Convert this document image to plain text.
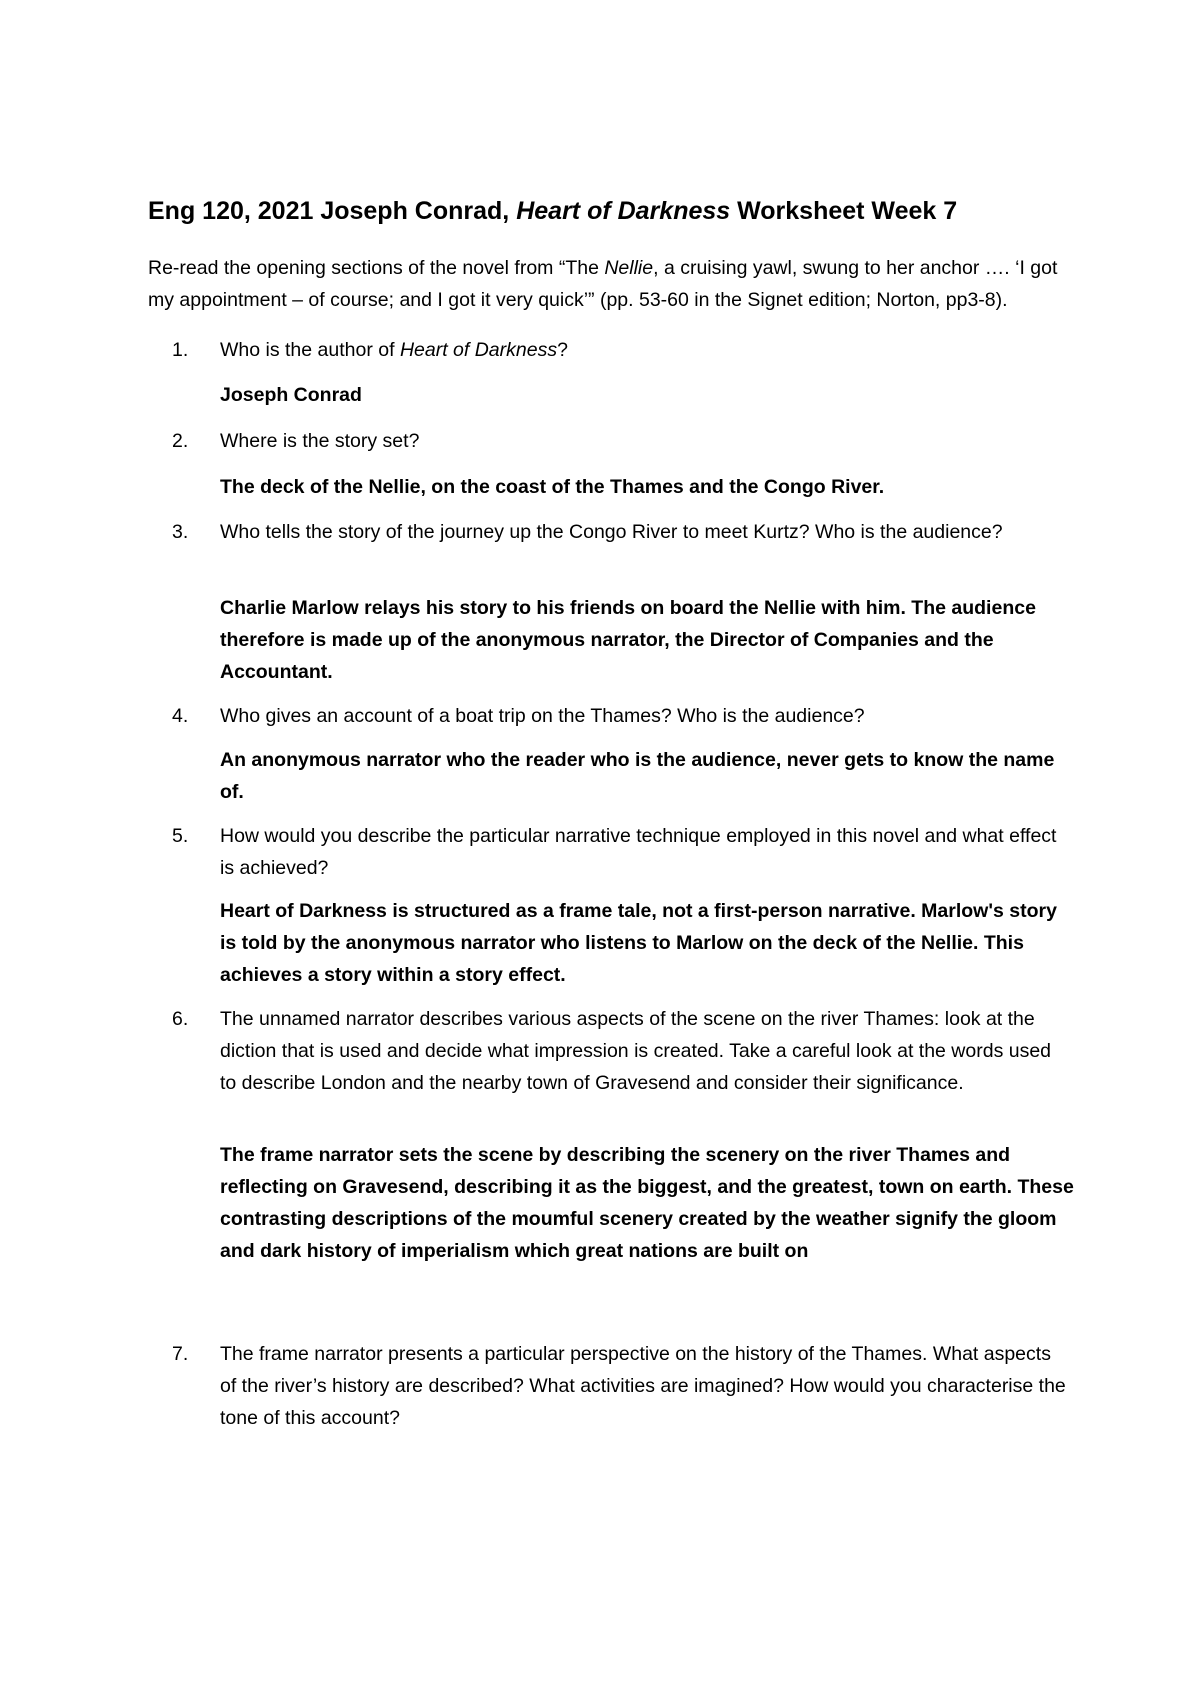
Eng 120, 2021 Joseph Conrad, Heart of Darkness Worksheet Week 7

Re-read the opening sections of the novel from “The Nellie, a cruising yawl, swung to her anchor …. ‘I got my appointment – of course; and I got it very quick’” (pp. 53-60 in the Signet edition; Norton, pp3-8).

1.	Who is the author of Heart of Darkness?

Joseph Conrad

2.	Where is the story set?

The deck of the Nellie, on the coast of the Thames and the Congo River.

3.	Who tells the story of the journey up the Congo River to meet Kurtz? Who is the audience?

Charlie Marlow relays his story to his friends on board the Nellie with him. The audience therefore is made up of the anonymous narrator, the Director of Companies and the Accountant.

4.	Who gives an account of a boat trip on the Thames? Who is the audience?

An anonymous narrator who the reader who is the audience, never gets to know the name of.

5.	How would you describe the particular narrative technique employed in this novel and what effect is achieved?

Heart of Darkness is structured as a frame tale, not a first-person narrative. Marlow's story is told by the anonymous narrator who listens to Marlow on the deck of the Nellie. This achieves a story within a story effect.

6.	The unnamed narrator describes various aspects of the scene on the river Thames: look at the diction that is used and decide what impression is created. Take a careful look at the words used to describe London and the nearby town of Gravesend and consider their significance.

The frame narrator sets the scene by describing the scenery on the river Thames and reflecting on Gravesend, describing it as the biggest, and the greatest, town on earth. These contrasting descriptions of the moumful scenery created by the weather signify the gloom and dark history of imperialism which great nations are built on

7.	The frame narrator presents a particular perspective on the history of the Thames. What aspects of the river’s history are described? What activities are imagined? How would you characterise the tone of this account?
